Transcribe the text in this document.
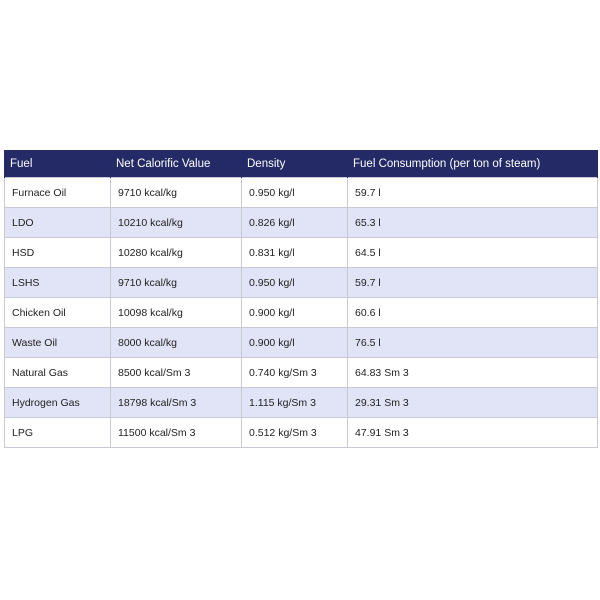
Fuel	Net Calorific Value	Density	Fuel Consumption (per ton of steam)
Furnace Oil	9710 kcal/kg	0.950 kg/l	59.7 l
LDO	10210 kcal/kg	0.826 kg/l	65.3 l
HSD	10280 kcal/kg	0.831 kg/l	64.5 l
LSHS	9710 kcal/kg	0.950 kg/l	59.7 l
Chicken Oil	10098 kcal/kg	0.900 kg/l	60.6 l
Waste Oil	8000 kcal/kg	0.900 kg/l	76.5 l
Natural Gas	8500 kcal/Sm 3	0.740 kg/Sm 3	64.83 Sm 3
Hydrogen Gas	18798 kcal/Sm 3	1.115 kg/Sm 3	29.31 Sm 3
LPG	11500 kcal/Sm 3	0.512 kg/Sm 3	47.91 Sm 3
